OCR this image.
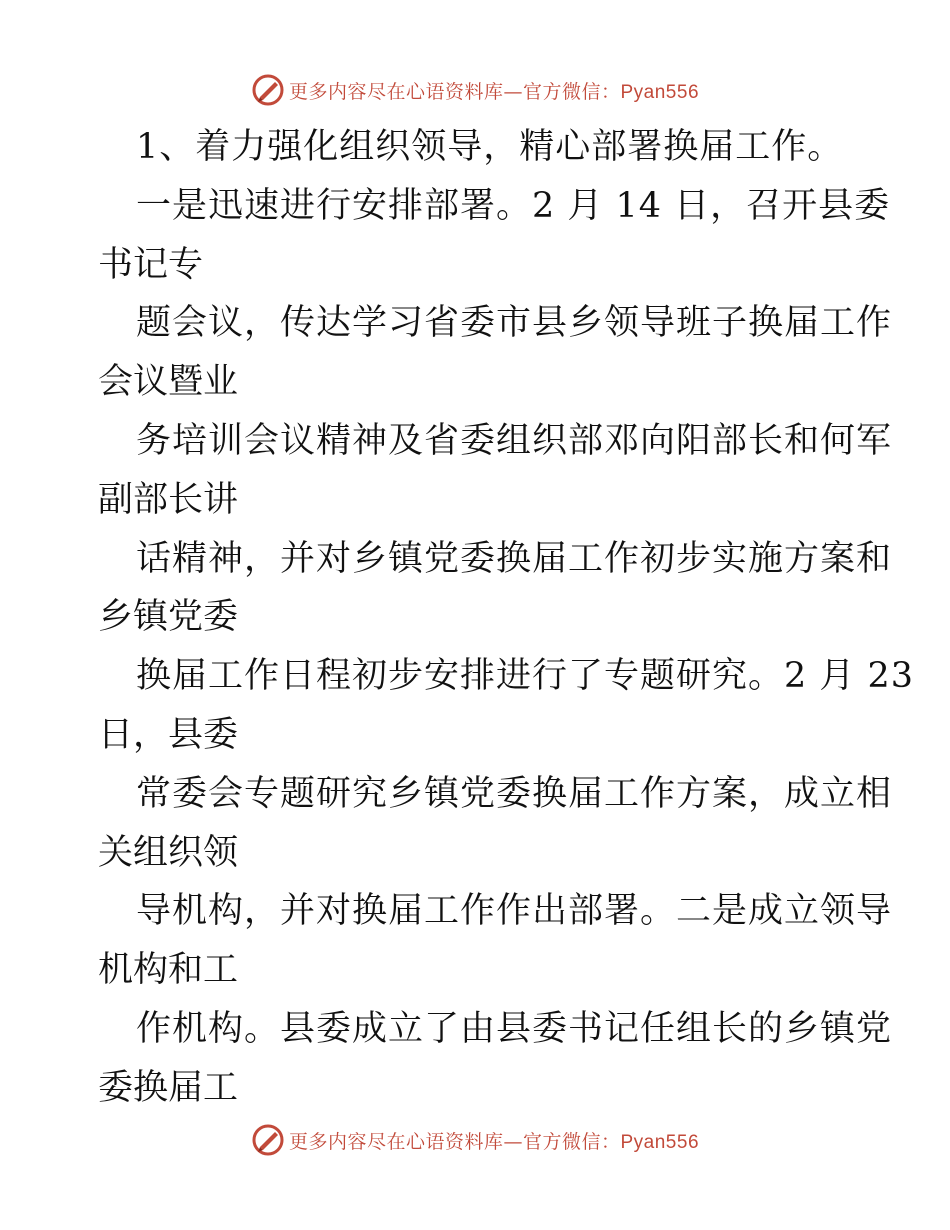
更多内容尽在心语资料库—官方微信：Pyan556
1、着力强化组织领导，精心部署换届工作。
一是迅速进行安排部署。2 月 14 日，召开县委
书记专
题会议，传达学习省委市县乡领导班子换届工作
会议暨业
务培训会议精神及省委组织部邓向阳部长和何军
副部长讲
话精神，并对乡镇党委换届工作初步实施方案和
乡镇党委
换届工作日程初步安排进行了专题研究。2 月 23
日，县委
常委会专题研究乡镇党委换届工作方案，成立相
关组织领
导机构，并对换届工作作出部署。二是成立领导
机构和工
作机构。县委成立了由县委书记任组长的乡镇党
委换届工
更多内容尽在心语资料库—官方微信：Pyan556
